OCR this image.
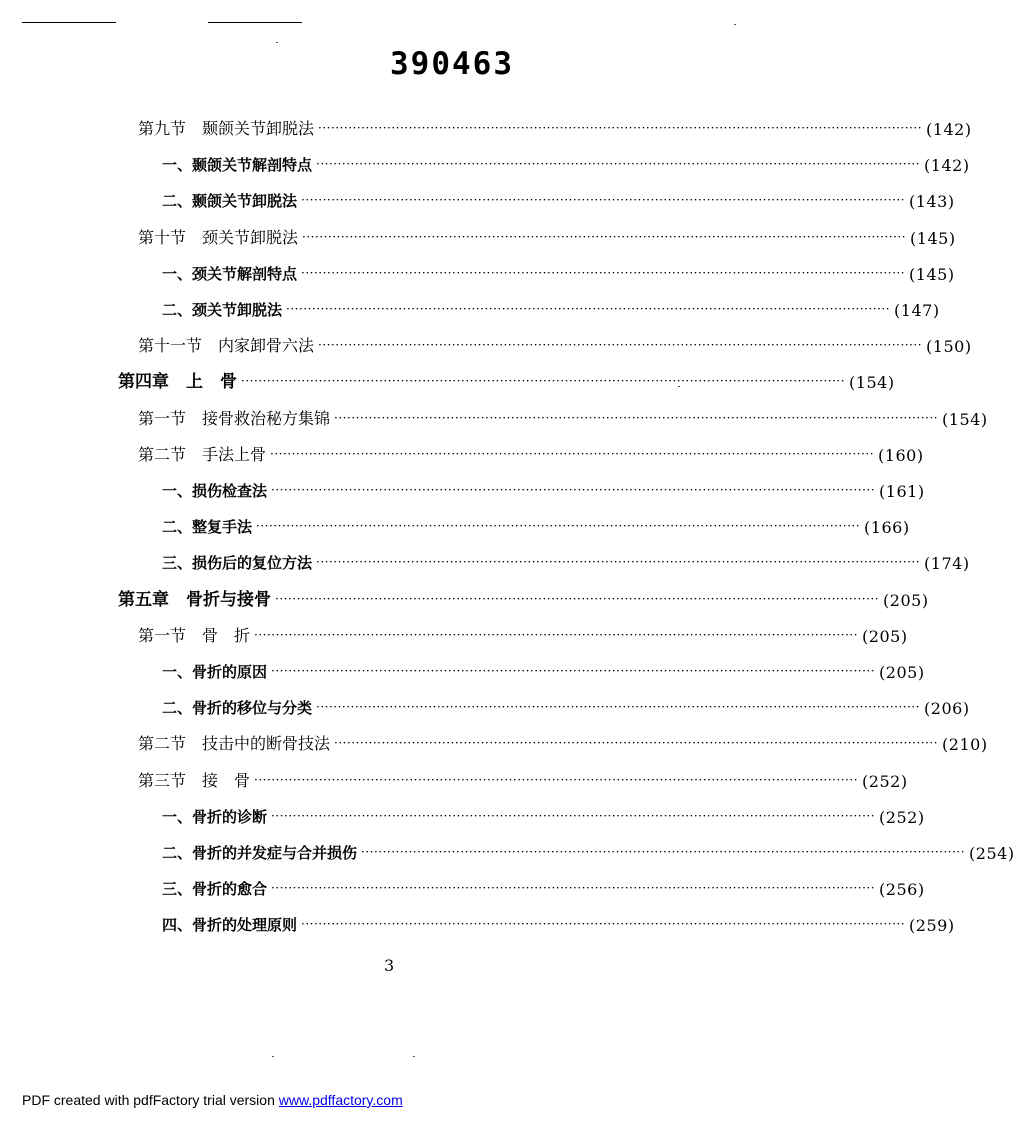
390463
第九节　颞颌关节卸脱法 ············································································································································ (142)
一、颞颌关节解剖特点 ············································································································································ (142)
二、颞颌关节卸脱法 ············································································································································ (143)
第十节　颈关节卸脱法 ············································································································································ (145)
一、颈关节解剖特点 ············································································································································ (145)
二、颈关节卸脱法 ············································································································································ (147)
第十一节　内家卸骨六法 ············································································································································ (150)
第四章　上　骨 ············································································································································ (154)
第一节　接骨救治秘方集锦 ············································································································································ (154)
第二节　手法上骨 ············································································································································ (160)
一、损伤检查法 ············································································································································ (161)
二、整复手法 ············································································································································ (166)
三、损伤后的复位方法 ············································································································································ (174)
第五章　骨折与接骨 ············································································································································ (205)
第一节　骨　折 ············································································································································ (205)
一、骨折的原因 ············································································································································ (205)
二、骨折的移位与分类 ············································································································································ (206)
第二节　技击中的断骨技法 ············································································································································ (210)
第三节　接　骨 ············································································································································ (252)
一、骨折的诊断 ············································································································································ (252)
二、骨折的并发症与合并损伤 ············································································································································ (254)
三、骨折的愈合 ············································································································································ (256)
四、骨折的处理原则 ············································································································································ (259)
3
PDF created with pdfFactory trial version www.pdffactory.com
